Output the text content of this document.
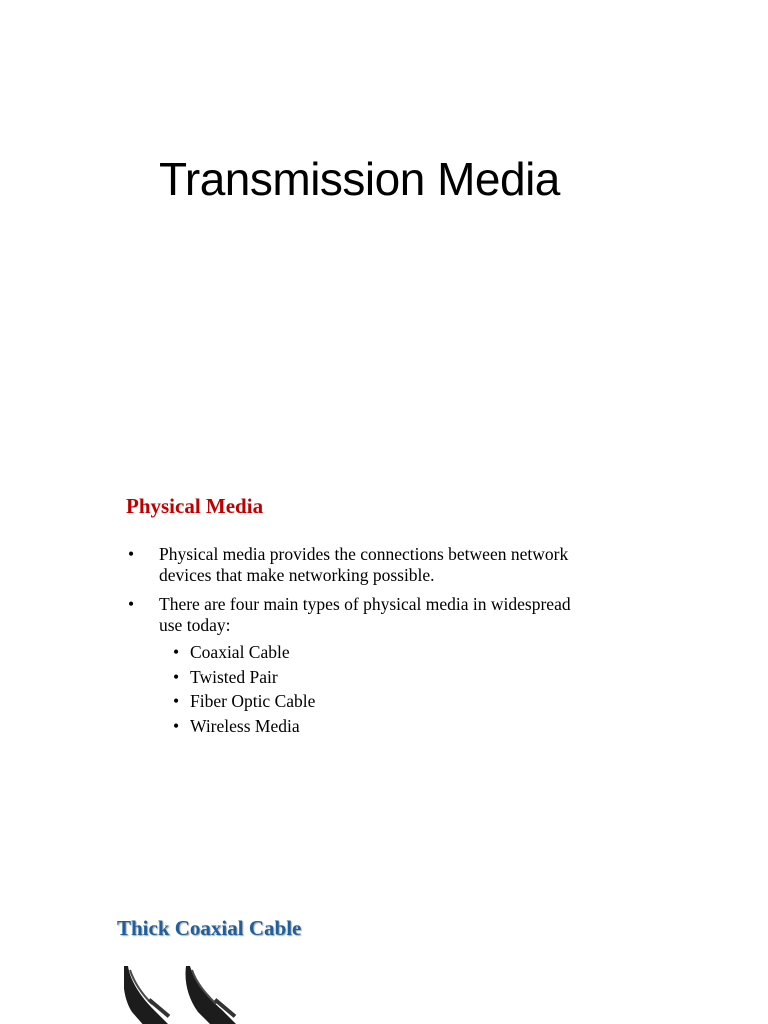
Transmission Media
Physical Media
• Physical media provides the connections between network devices that make networking possible.
• There are four main types of physical media in widespread use today:
• Coaxial Cable
• Twisted Pair
• Fiber Optic Cable
• Wireless Media
Thick Coaxial Cable
